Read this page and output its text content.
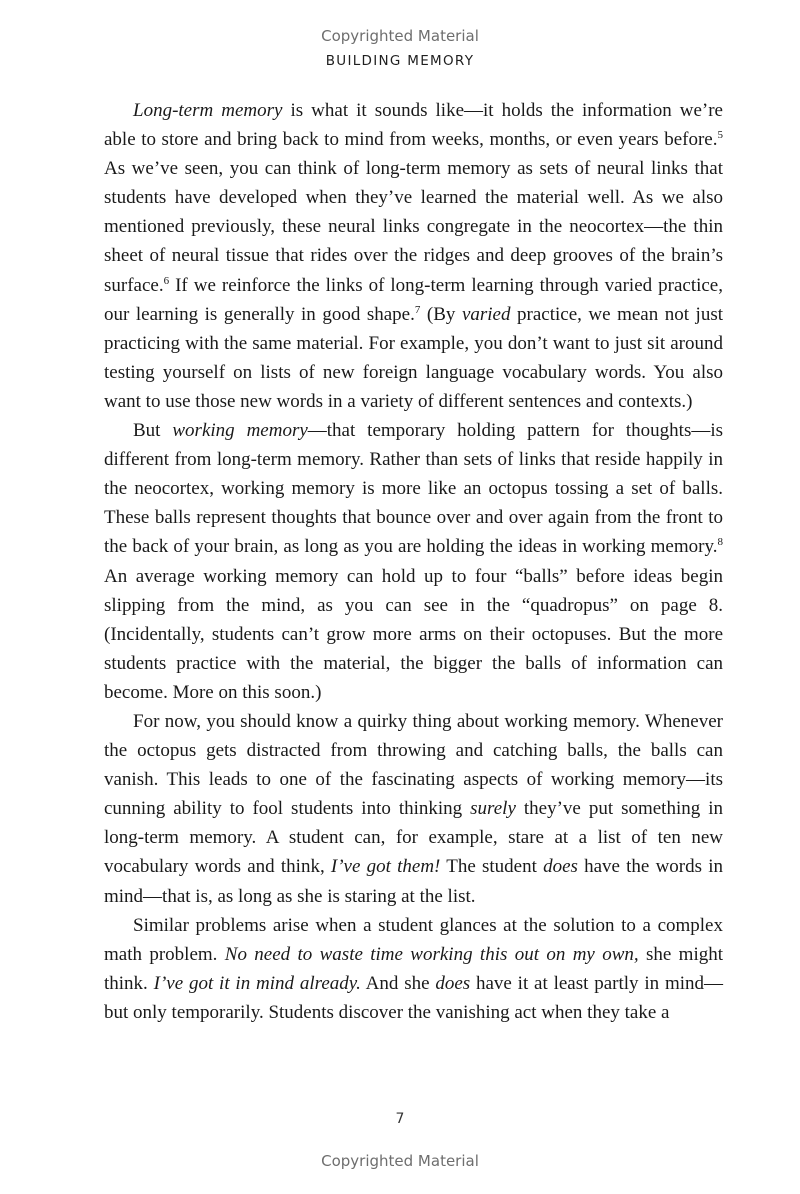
Copyrighted Material
BUILDING MEMORY

Long-term memory is what it sounds like—it holds the information we’re able to store and bring back to mind from weeks, months, or even years before.$^5$ As we’ve seen, you can think of long-term memory as sets of neural links that students have developed when they’ve learned the material well. As we also mentioned previously, these neural links congregate in the neocortex—the thin sheet of neural tissue that rides over the ridges and deep grooves of the brain’s surface.$^6$ If we reinforce the links of long-term learning through varied practice, our learning is generally in good shape.$^7$ (By varied practice, we mean not just practicing with the same material. For example, you don’t want to just sit around testing yourself on lists of new foreign language vocabulary words. You also want to use those new words in a variety of different sentences and contexts.)

But working memory—that temporary holding pattern for thoughts—is different from long-term memory. Rather than sets of links that reside happily in the neocortex, working memory is more like an octopus tossing a set of balls. These balls represent thoughts that bounce over and over again from the front to the back of your brain, as long as you are holding the ideas in working memory.$^8$ An average working memory can hold up to four “balls” before ideas begin slipping from the mind, as you can see in the “quadropus” on page 8. (Incidentally, students can’t grow more arms on their octopuses. But the more students practice with the material, the bigger the balls of information can become. More on this soon.)

For now, you should know a quirky thing about working memory. Whenever the octopus gets distracted from throwing and catching balls, the balls can vanish. This leads to one of the fascinating aspects of working memory—its cunning ability to fool students into thinking surely they’ve put something in long-term memory. A student can, for example, stare at a list of ten new vocabulary words and think, I’ve got them! The student does have the words in mind—that is, as long as she is staring at the list.

Similar problems arise when a student glances at the solution to a complex math problem. No need to waste time working this out on my own, she might think. I’ve got it in mind already. And she does have it at least partly in mind—but only temporarily. Students discover the vanishing act when they take a

7
Copyrighted Material
